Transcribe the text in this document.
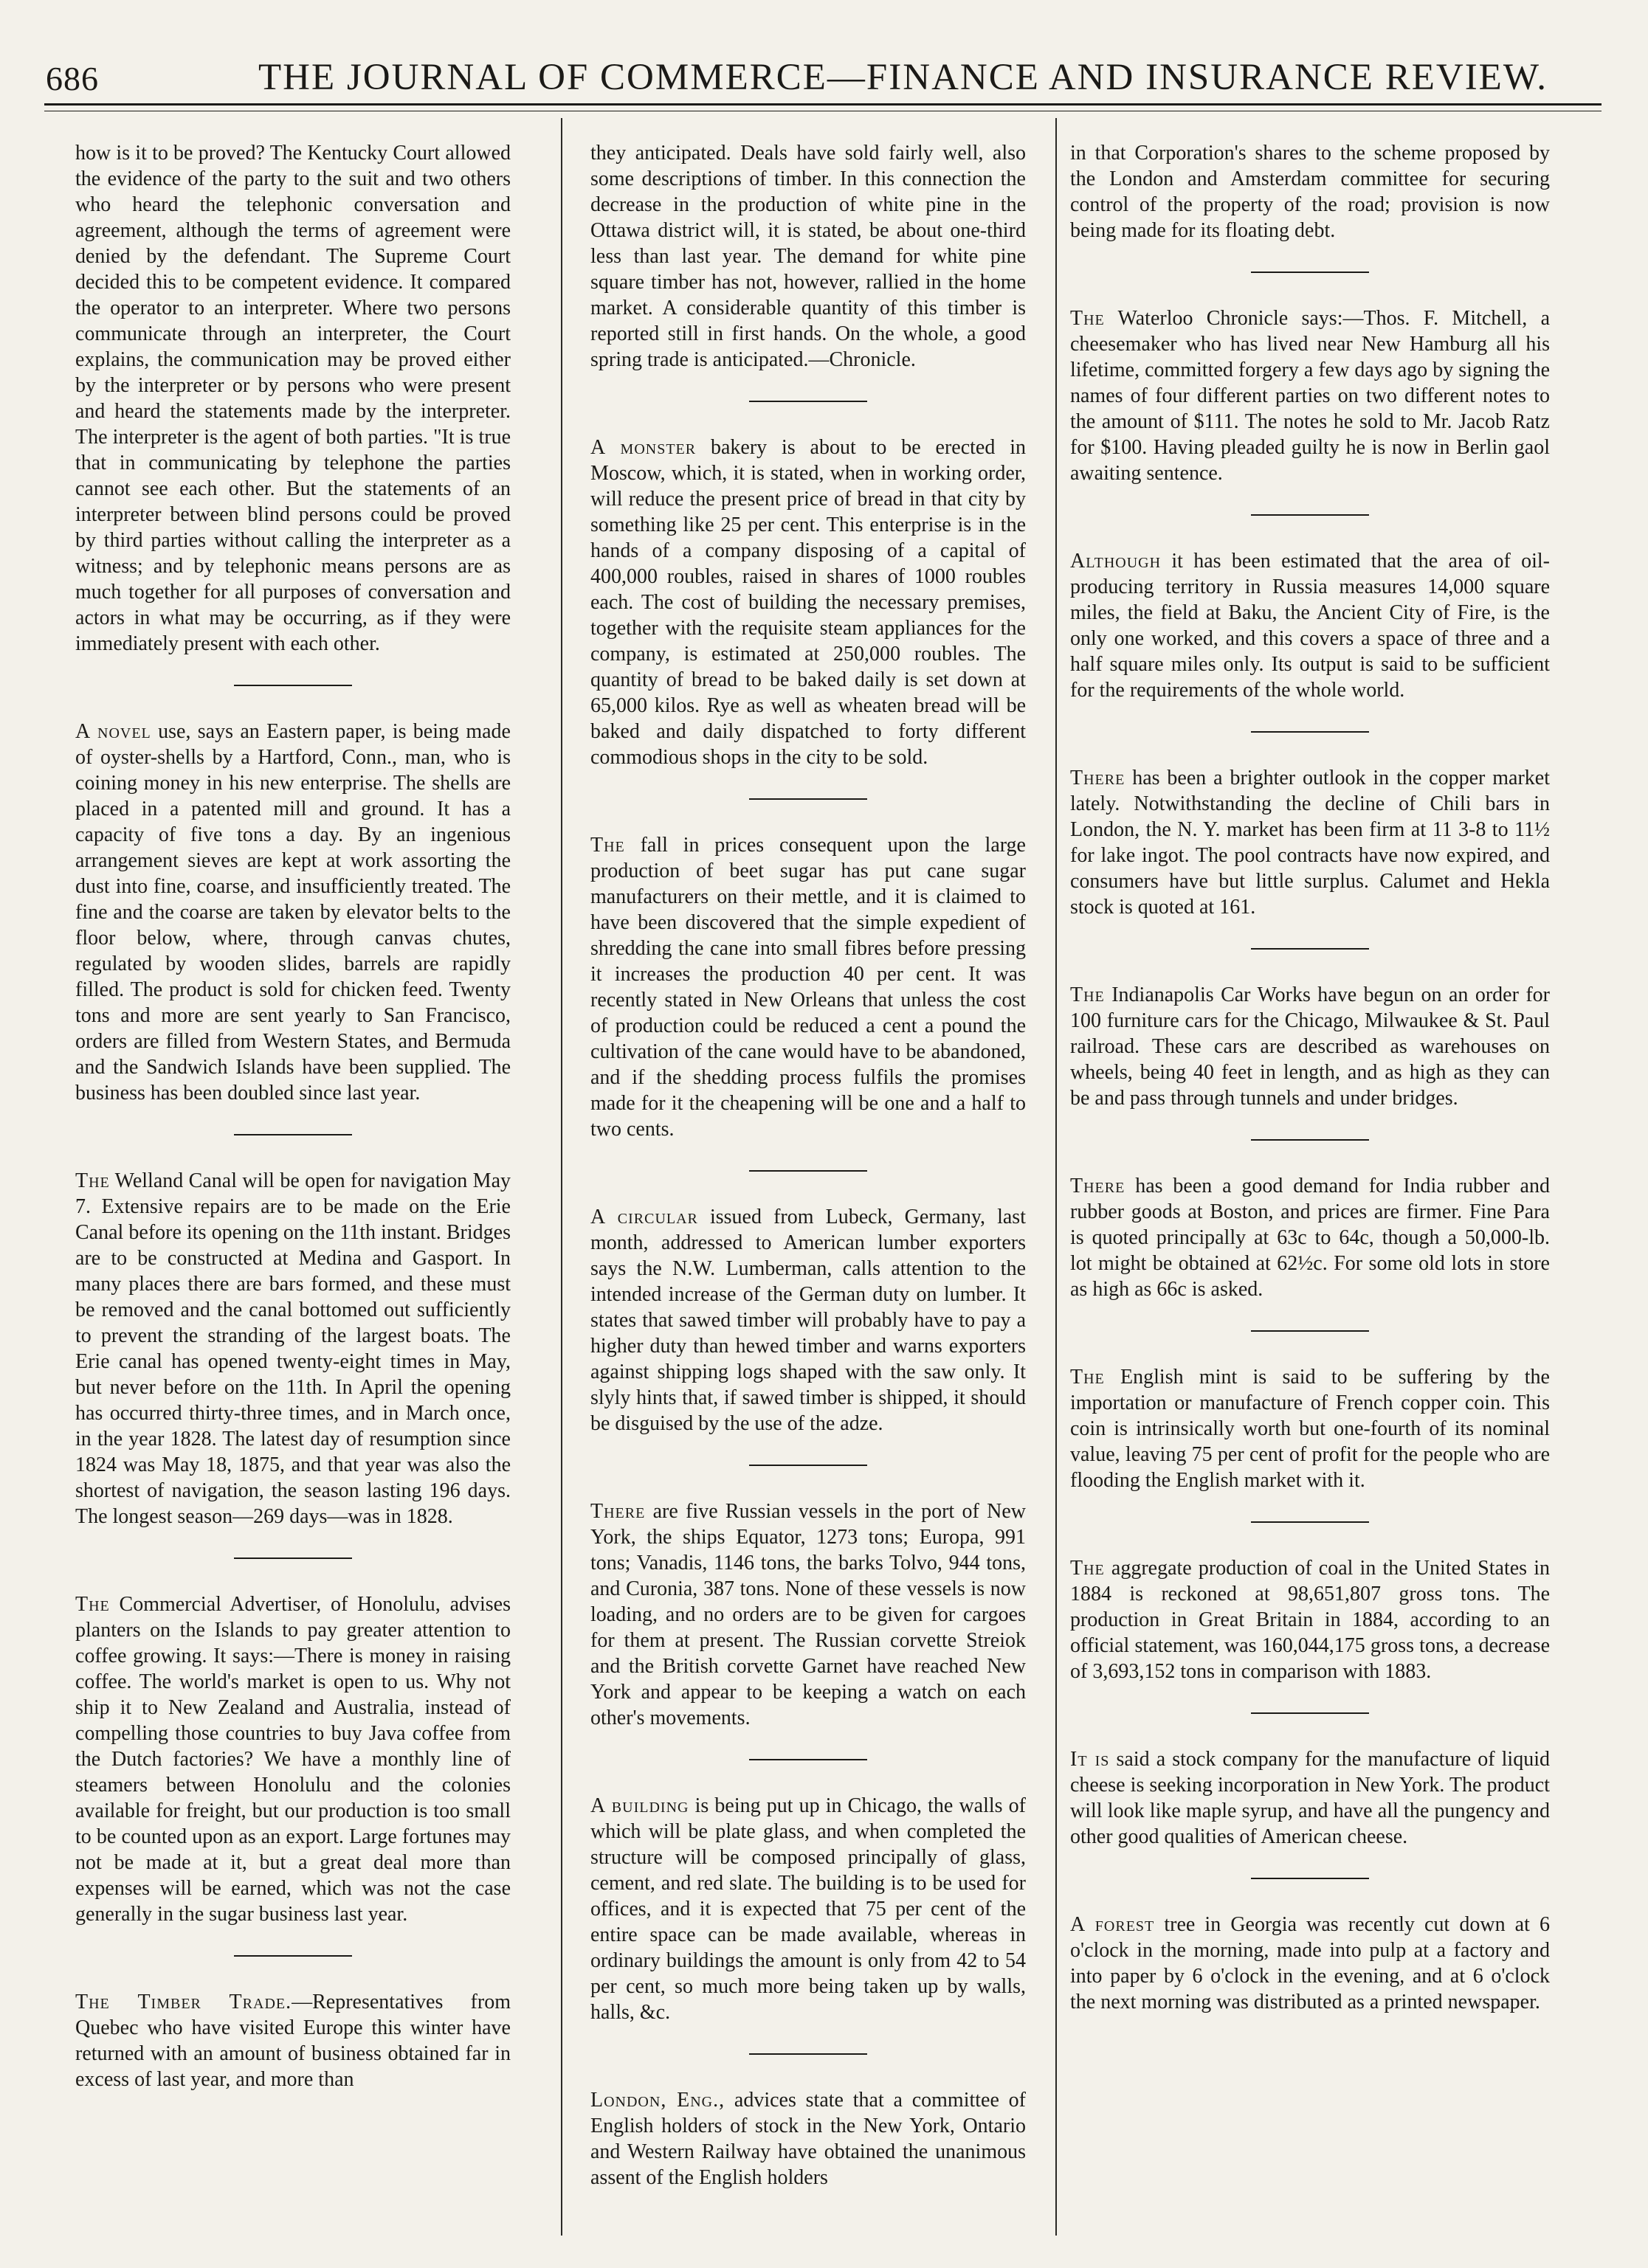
686	THE JOURNAL OF COMMERCE—FINANCE AND INSURANCE REVIEW.

how is it to be proved? The Kentucky Court allowed the evidence of the party to the suit and two others who heard the telephonic conversation and agreement, although the terms of agreement were denied by the defendant. The Supreme Court decided this to be competent evidence. It compared the operator to an interpreter. Where two persons communicate through an interpreter, the Court explains, the communication may be proved either by the interpreter or by persons who were present and heard the statements made by the interpreter. The interpreter is the agent of both parties. "It is true that in communicating by telephone the parties cannot see each other. But the statements of an interpreter between blind persons could be proved by third parties without calling the interpreter as a witness; and by telephonic means persons are as much together for all purposes of conversation and actors in what may be occurring, as if they were immediately present with each other.

A novel use, says an Eastern paper, is being made of oyster-shells by a Hartford, Conn., man, who is coining money in his new enterprise. The shells are placed in a patented mill and ground. It has a capacity of five tons a day. By an ingenious arrangement sieves are kept at work assorting the dust into fine, coarse, and insufficiently treated. The fine and the coarse are taken by elevator belts to the floor below, where, through canvas chutes, regulated by wooden slides, barrels are rapidly filled. The product is sold for chicken feed. Twenty tons and more are sent yearly to San Francisco, orders are filled from Western States, and Bermuda and the Sandwich Islands have been supplied. The business has been doubled since last year.

The Welland Canal will be open for navigation May 7. Extensive repairs are to be made on the Erie Canal before its opening on the 11th instant. Bridges are to be constructed at Medina and Gasport. In many places there are bars formed, and these must be removed and the canal bottomed out sufficiently to prevent the stranding of the largest boats. The Erie canal has opened twenty-eight times in May, but never before on the 11th. In April the opening has occurred thirty-three times, and in March once, in the year 1828. The latest day of resumption since 1824 was May 18, 1875, and that year was also the shortest of navigation, the season lasting 196 days. The longest season—269 days—was in 1828.

The Commercial Advertiser, of Honolulu, advises planters on the Islands to pay greater attention to coffee growing. It says:—There is money in raising coffee. The world's market is open to us. Why not ship it to New Zealand and Australia, instead of compelling those countries to buy Java coffee from the Dutch factories? We have a monthly line of steamers between Honolulu and the colonies available for freight, but our production is too small to be counted upon as an export. Large fortunes may not be made at it, but a great deal more than expenses will be earned, which was not the case generally in the sugar business last year.

The Timber Trade.—Representatives from Quebec who have visited Europe this winter have returned with an amount of business obtained far in excess of last year, and more than

they anticipated. Deals have sold fairly well, also some descriptions of timber. In this connection the decrease in the production of white pine in the Ottawa district will, it is stated, be about one-third less than last year. The demand for white pine square timber has not, however, rallied in the home market. A considerable quantity of this timber is reported still in first hands. On the whole, a good spring trade is anticipated.—Chronicle.

A monster bakery is about to be erected in Moscow, which, it is stated, when in working order, will reduce the present price of bread in that city by something like 25 per cent. This enterprise is in the hands of a company disposing of a capital of 400,000 roubles, raised in shares of 1000 roubles each. The cost of building the necessary premises, together with the requisite steam appliances for the company, is estimated at 250,000 roubles. The quantity of bread to be baked daily is set down at 65,000 kilos. Rye as well as wheaten bread will be baked and daily dispatched to forty different commodious shops in the city to be sold.

The fall in prices consequent upon the large production of beet sugar has put cane sugar manufacturers on their mettle, and it is claimed to have been discovered that the simple expedient of shredding the cane into small fibres before pressing it increases the production 40 per cent. It was recently stated in New Orleans that unless the cost of production could be reduced a cent a pound the cultivation of the cane would have to be abandoned, and if the shedding process fulfils the promises made for it the cheapening will be one and a half to two cents.

A circular issued from Lubeck, Germany, last month, addressed to American lumber exporters says the N.W. Lumberman, calls attention to the intended increase of the German duty on lumber. It states that sawed timber will probably have to pay a higher duty than hewed timber and warns exporters against shipping logs shaped with the saw only. It slyly hints that, if sawed timber is shipped, it should be disguised by the use of the adze.

There are five Russian vessels in the port of New York, the ships Equator, 1273 tons; Europa, 991 tons; Vanadis, 1146 tons, the barks Tolvo, 944 tons, and Curonia, 387 tons. None of these vessels is now loading, and no orders are to be given for cargoes for them at present. The Russian corvette Streiok and the British corvette Garnet have reached New York and appear to be keeping a watch on each other's movements.

A building is being put up in Chicago, the walls of which will be plate glass, and when completed the structure will be composed principally of glass, cement, and red slate. The building is to be used for offices, and it is expected that 75 per cent of the entire space can be made available, whereas in ordinary buildings the amount is only from 42 to 54 per cent, so much more being taken up by walls, halls, &c.

London, Eng., advices state that a committee of English holders of stock in the New York, Ontario and Western Railway have obtained the unanimous assent of the English holders

in that Corporation's shares to the scheme proposed by the London and Amsterdam committee for securing control of the property of the road; provision is now being made for its floating debt.

The Waterloo Chronicle says:—Thos. F. Mitchell, a cheesemaker who has lived near New Hamburg all his lifetime, committed forgery a few days ago by signing the names of four different parties on two different notes to the amount of $111. The notes he sold to Mr. Jacob Ratz for $100. Having pleaded guilty he is now in Berlin gaol awaiting sentence.

Although it has been estimated that the area of oil-producing territory in Russia measures 14,000 square miles, the field at Baku, the Ancient City of Fire, is the only one worked, and this covers a space of three and a half square miles only. Its output is said to be sufficient for the requirements of the whole world.

There has been a brighter outlook in the copper market lately. Notwithstanding the decline of Chili bars in London, the N. Y. market has been firm at 11 3-8 to 11½ for lake ingot. The pool contracts have now expired, and consumers have but little surplus. Calumet and Hekla stock is quoted at 161.

The Indianapolis Car Works have begun on an order for 100 furniture cars for the Chicago, Milwaukee & St. Paul railroad. These cars are described as warehouses on wheels, being 40 feet in length, and as high as they can be and pass through tunnels and under bridges.

There has been a good demand for India rubber and rubber goods at Boston, and prices are firmer. Fine Para is quoted principally at 63c to 64c, though a 50,000-lb. lot might be obtained at 62½c. For some old lots in store as high as 66c is asked.

The English mint is said to be suffering by the importation or manufacture of French copper coin. This coin is intrinsically worth but one-fourth of its nominal value, leaving 75 per cent of profit for the people who are flooding the English market with it.

The aggregate production of coal in the United States in 1884 is reckoned at 98,651,807 gross tons. The production in Great Britain in 1884, according to an official statement, was 160,044,175 gross tons, a decrease of 3,693,152 tons in comparison with 1883.

It is said a stock company for the manufacture of liquid cheese is seeking incorporation in New York. The product will look like maple syrup, and have all the pungency and other good qualities of American cheese.

A forest tree in Georgia was recently cut down at 6 o'clock in the morning, made into pulp at a factory and into paper by 6 o'clock in the evening, and at 6 o'clock the next morning was distributed as a printed newspaper.
